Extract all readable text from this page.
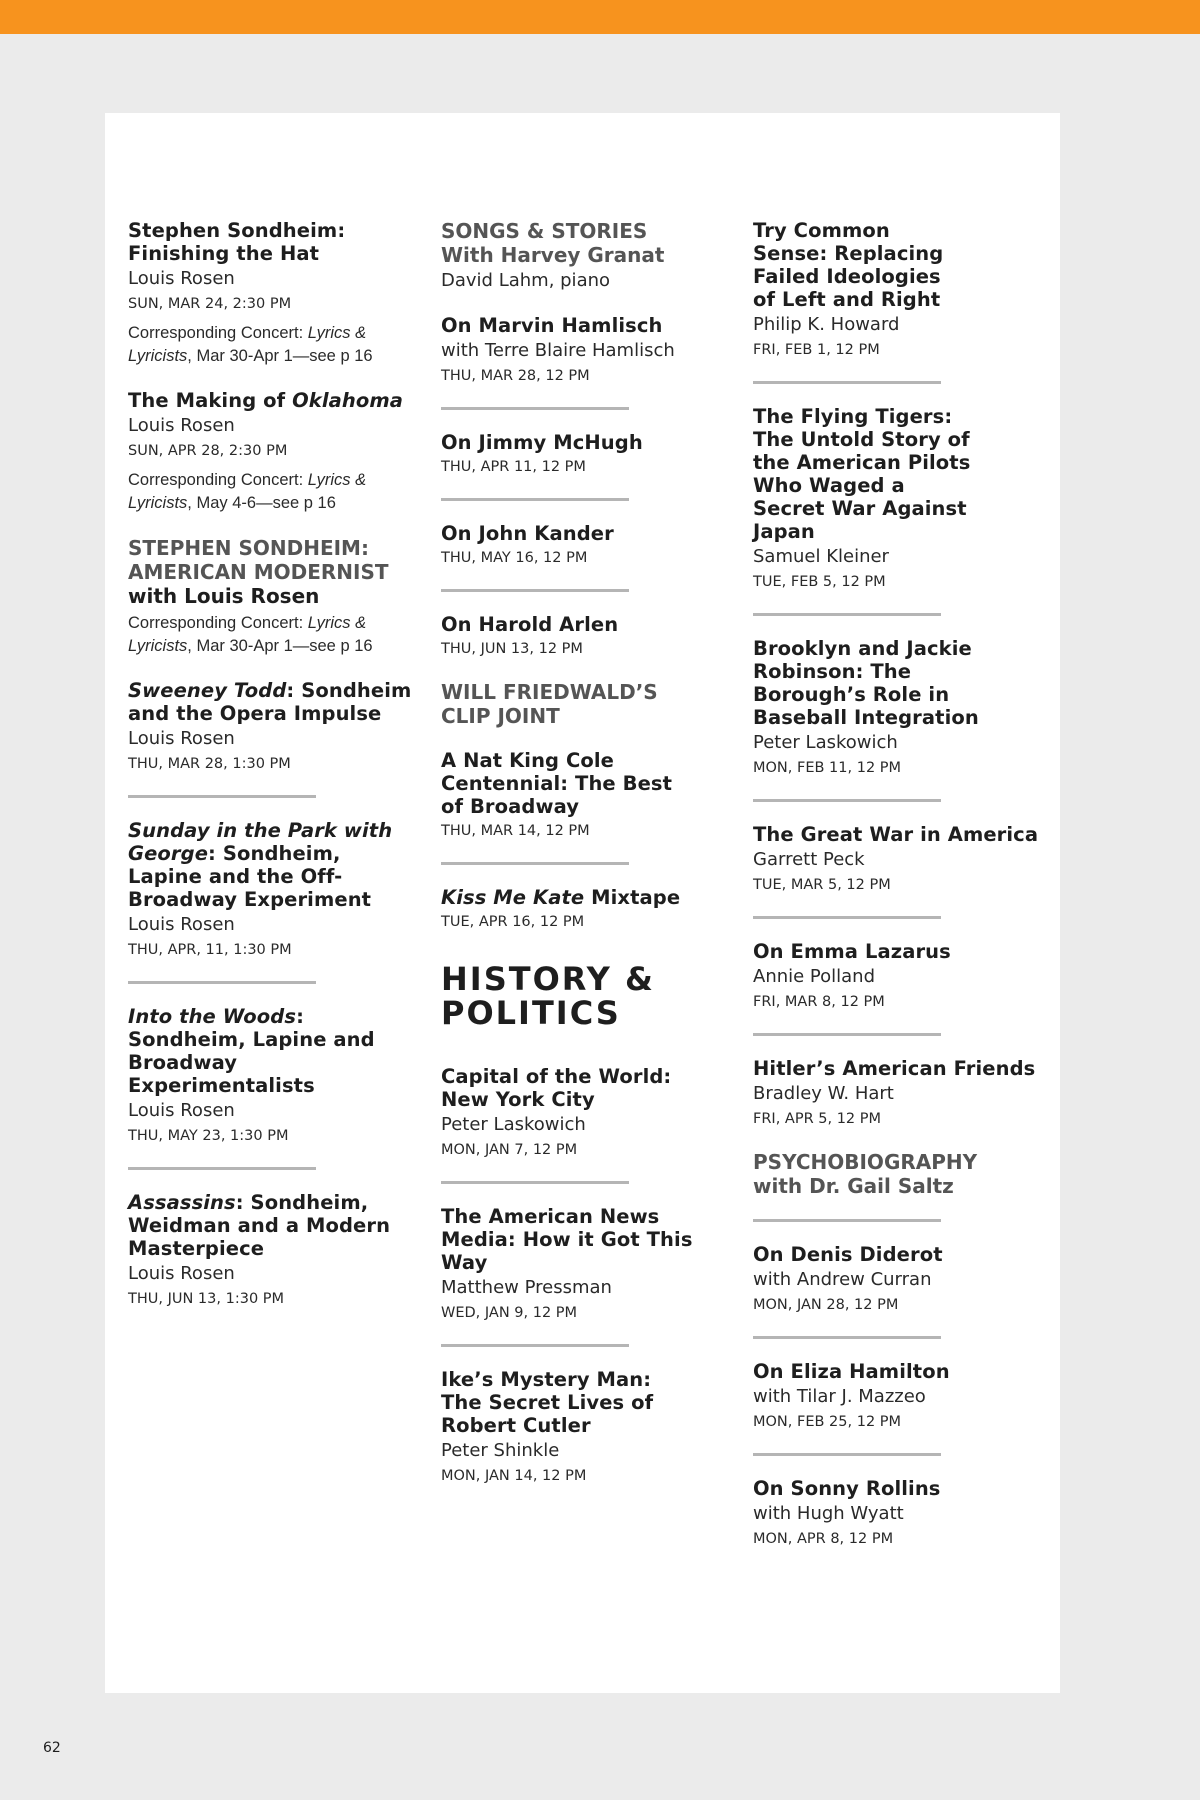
Stephen Sondheim: Finishing the Hat
Louis Rosen
SUN, MAR 24, 2:30 PM
Corresponding Concert: Lyrics & Lyricists, Mar 30-Apr 1—see p 16
The Making of Oklahoma
Louis Rosen
SUN, APR 28, 2:30 PM
Corresponding Concert: Lyrics & Lyricists, May 4-6—see p 16
STEPHEN SONDHEIM: AMERICAN MODERNIST
with Louis Rosen
Corresponding Concert: Lyrics & Lyricists, Mar 30-Apr 1—see p 16
Sweeney Todd: Sondheim and the Opera Impulse
Louis Rosen
THU, MAR 28, 1:30 PM
Sunday in the Park with George: Sondheim, Lapine and the Off-Broadway Experiment
Louis Rosen
THU, APR, 11, 1:30 PM
Into the Woods: Sondheim, Lapine and Broadway Experimentalists
Louis Rosen
THU, MAY 23, 1:30 PM
Assassins: Sondheim, Weidman and a Modern Masterpiece
Louis Rosen
THU, JUN 13, 1:30 PM
SONGS & STORIES
With Harvey Granat
David Lahm, piano
On Marvin Hamlisch
with Terre Blaire Hamlisch
THU, MAR 28, 12 PM
On Jimmy McHugh
THU, APR 11, 12 PM
On John Kander
THU, MAY 16, 12 PM
On Harold Arlen
THU, JUN 13, 12 PM
WILL FRIEDWALD’S CLIP JOINT
A Nat King Cole Centennial: The Best of Broadway
THU, MAR 14, 12 PM
Kiss Me Kate Mixtape
TUE, APR 16, 12 PM
HISTORY & POLITICS
Capital of the World: New York City
Peter Laskowich
MON, JAN 7, 12 PM
The American News Media: How it Got This Way
Matthew Pressman
WED, JAN 9, 12 PM
Ike’s Mystery Man: The Secret Lives of Robert Cutler
Peter Shinkle
MON, JAN 14, 12 PM
Try Common Sense: Replacing Failed Ideologies of Left and Right
Philip K. Howard
FRI, FEB 1, 12 PM
The Flying Tigers: The Untold Story of the American Pilots Who Waged a Secret War Against Japan
Samuel Kleiner
TUE, FEB 5, 12 PM
Brooklyn and Jackie Robinson: The Borough’s Role in Baseball Integration
Peter Laskowich
MON, FEB 11, 12 PM
The Great War in America
Garrett Peck
TUE, MAR 5, 12 PM
On Emma Lazarus
Annie Polland
FRI, MAR 8, 12 PM
Hitler’s American Friends
Bradley W. Hart
FRI, APR 5, 12 PM
PSYCHOBIOGRAPHY
with Dr. Gail Saltz
On Denis Diderot
with Andrew Curran
MON, JAN 28, 12 PM
On Eliza Hamilton
with Tilar J. Mazzeo
MON, FEB 25, 12 PM
On Sonny Rollins
with Hugh Wyatt
MON, APR 8, 12 PM
62
